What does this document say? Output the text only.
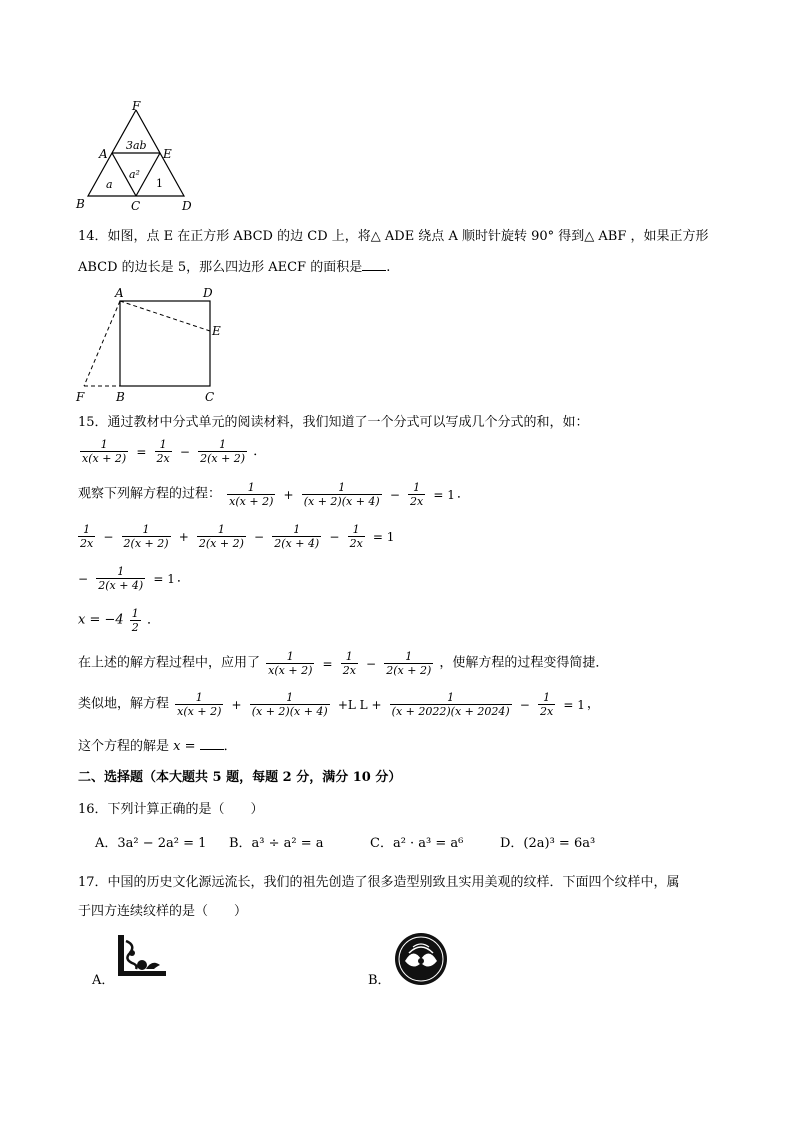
F
A	E
B	C	D
3ab
a
a²
1
14．如图，点 E 在正方形 ABCD 的边 CD 上，将△ ADE 绕点 A 顺时针旋转 90° 得到△ ABF ，如果正方形
ABCD 的边长是 5，那么四边形 AECF 的面积是 .
A	D
E
F	B	C
15．通过教材中分式单元的阅读材料，我们知道了一个分式可以写成几个分式的和，如：
$\frac{1}{x(x + 2)} = \frac{1}{2x} - \frac{1}{2(x + 2)}$ ．
观察下列解方程的过程： $\frac{1}{x(x + 2)} + \frac{1}{(x + 2)(x + 4)} - \frac{1}{2x} = 1$ ．
$\frac{1}{2x} - \frac{1}{2(x + 2)} + \frac{1}{2(x + 2)} - \frac{1}{2(x + 4)} - \frac{1}{2x} = 1$
− $\frac{1}{2(x + 4)} = 1$ ．
$x = -4 \frac{1}{2}$ ．
在上述的解方程过程中，应用了 $\frac{1}{x(x + 2)} = \frac{1}{2x} - \frac{1}{2(x + 2)}$ ，使解方程的过程变得简捷．
类似地，解方程 $\frac{1}{x(x + 2)} + \frac{1}{(x + 2)(x + 4)} +L$ $L + \frac{1}{(x + 2022)(x + 2024)} - \frac{1}{2x} = 1$ ，
这个方程的解是 x = ．
二、选择题（本大题共 5 题，每题 2 分，满分 10 分）
16．下列计算正确的是（　　）
A．3a² − 2a² = 1 B．a³ ÷ a² = a	C．a² · a³ = a⁶	D．(2a)³ = 6a³
17．中国的历史文化源远流长，我们的祖先创造了很多造型别致且实用美观的纹样．下面四个纹样中，属
于四方连续纹样的是（　　）
A．	B．
